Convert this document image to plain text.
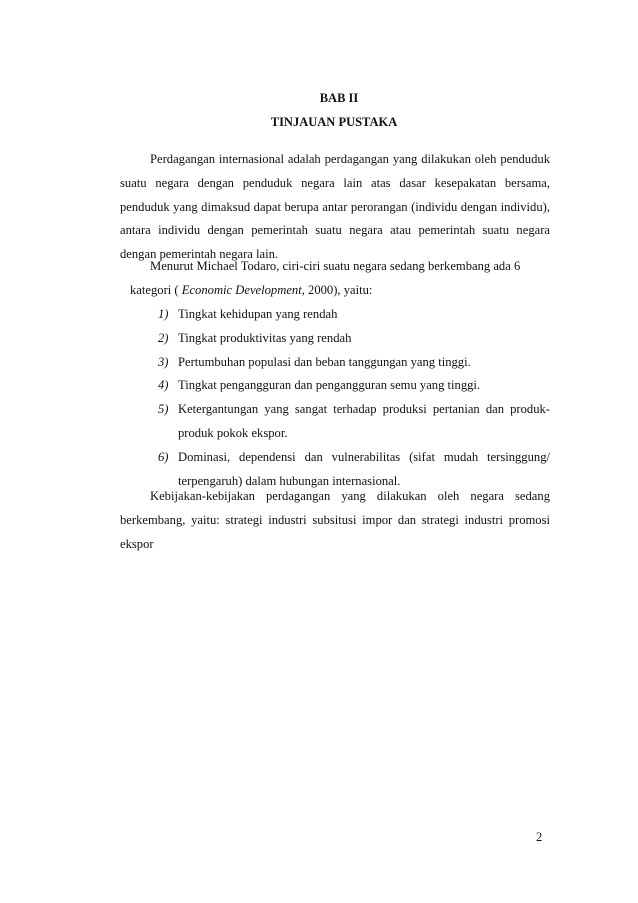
BAB II
TINJAUAN PUSTAKA
Perdagangan internasional adalah perdagangan yang dilakukan oleh penduduk suatu negara dengan penduduk negara lain atas dasar kesepakatan bersama, penduduk yang dimaksud dapat berupa antar perorangan (individu dengan individu), antara individu dengan pemerintah suatu negara atau pemerintah suatu negara dengan pemerintah negara lain.
Menurut Michael Todaro, ciri-ciri suatu negara sedang berkembang ada 6
kategori ( Economic Development, 2000), yaitu:
1) Tingkat kehidupan yang rendah
2) Tingkat produktivitas yang rendah
3) Pertumbuhan populasi dan beban tanggungan yang tinggi.
4) Tingkat pengangguran dan pengangguran semu yang tinggi.
5) Ketergantungan yang sangat terhadap produksi pertanian dan produk-produk pokok ekspor.
6) Dominasi, dependensi dan vulnerabilitas (sifat mudah tersinggung/ terpengaruh) dalam hubungan internasional.
Kebijakan-kebijakan perdagangan yang dilakukan oleh negara sedang berkembang, yaitu: strategi industri subsitusi impor dan strategi industri promosi ekspor
2
